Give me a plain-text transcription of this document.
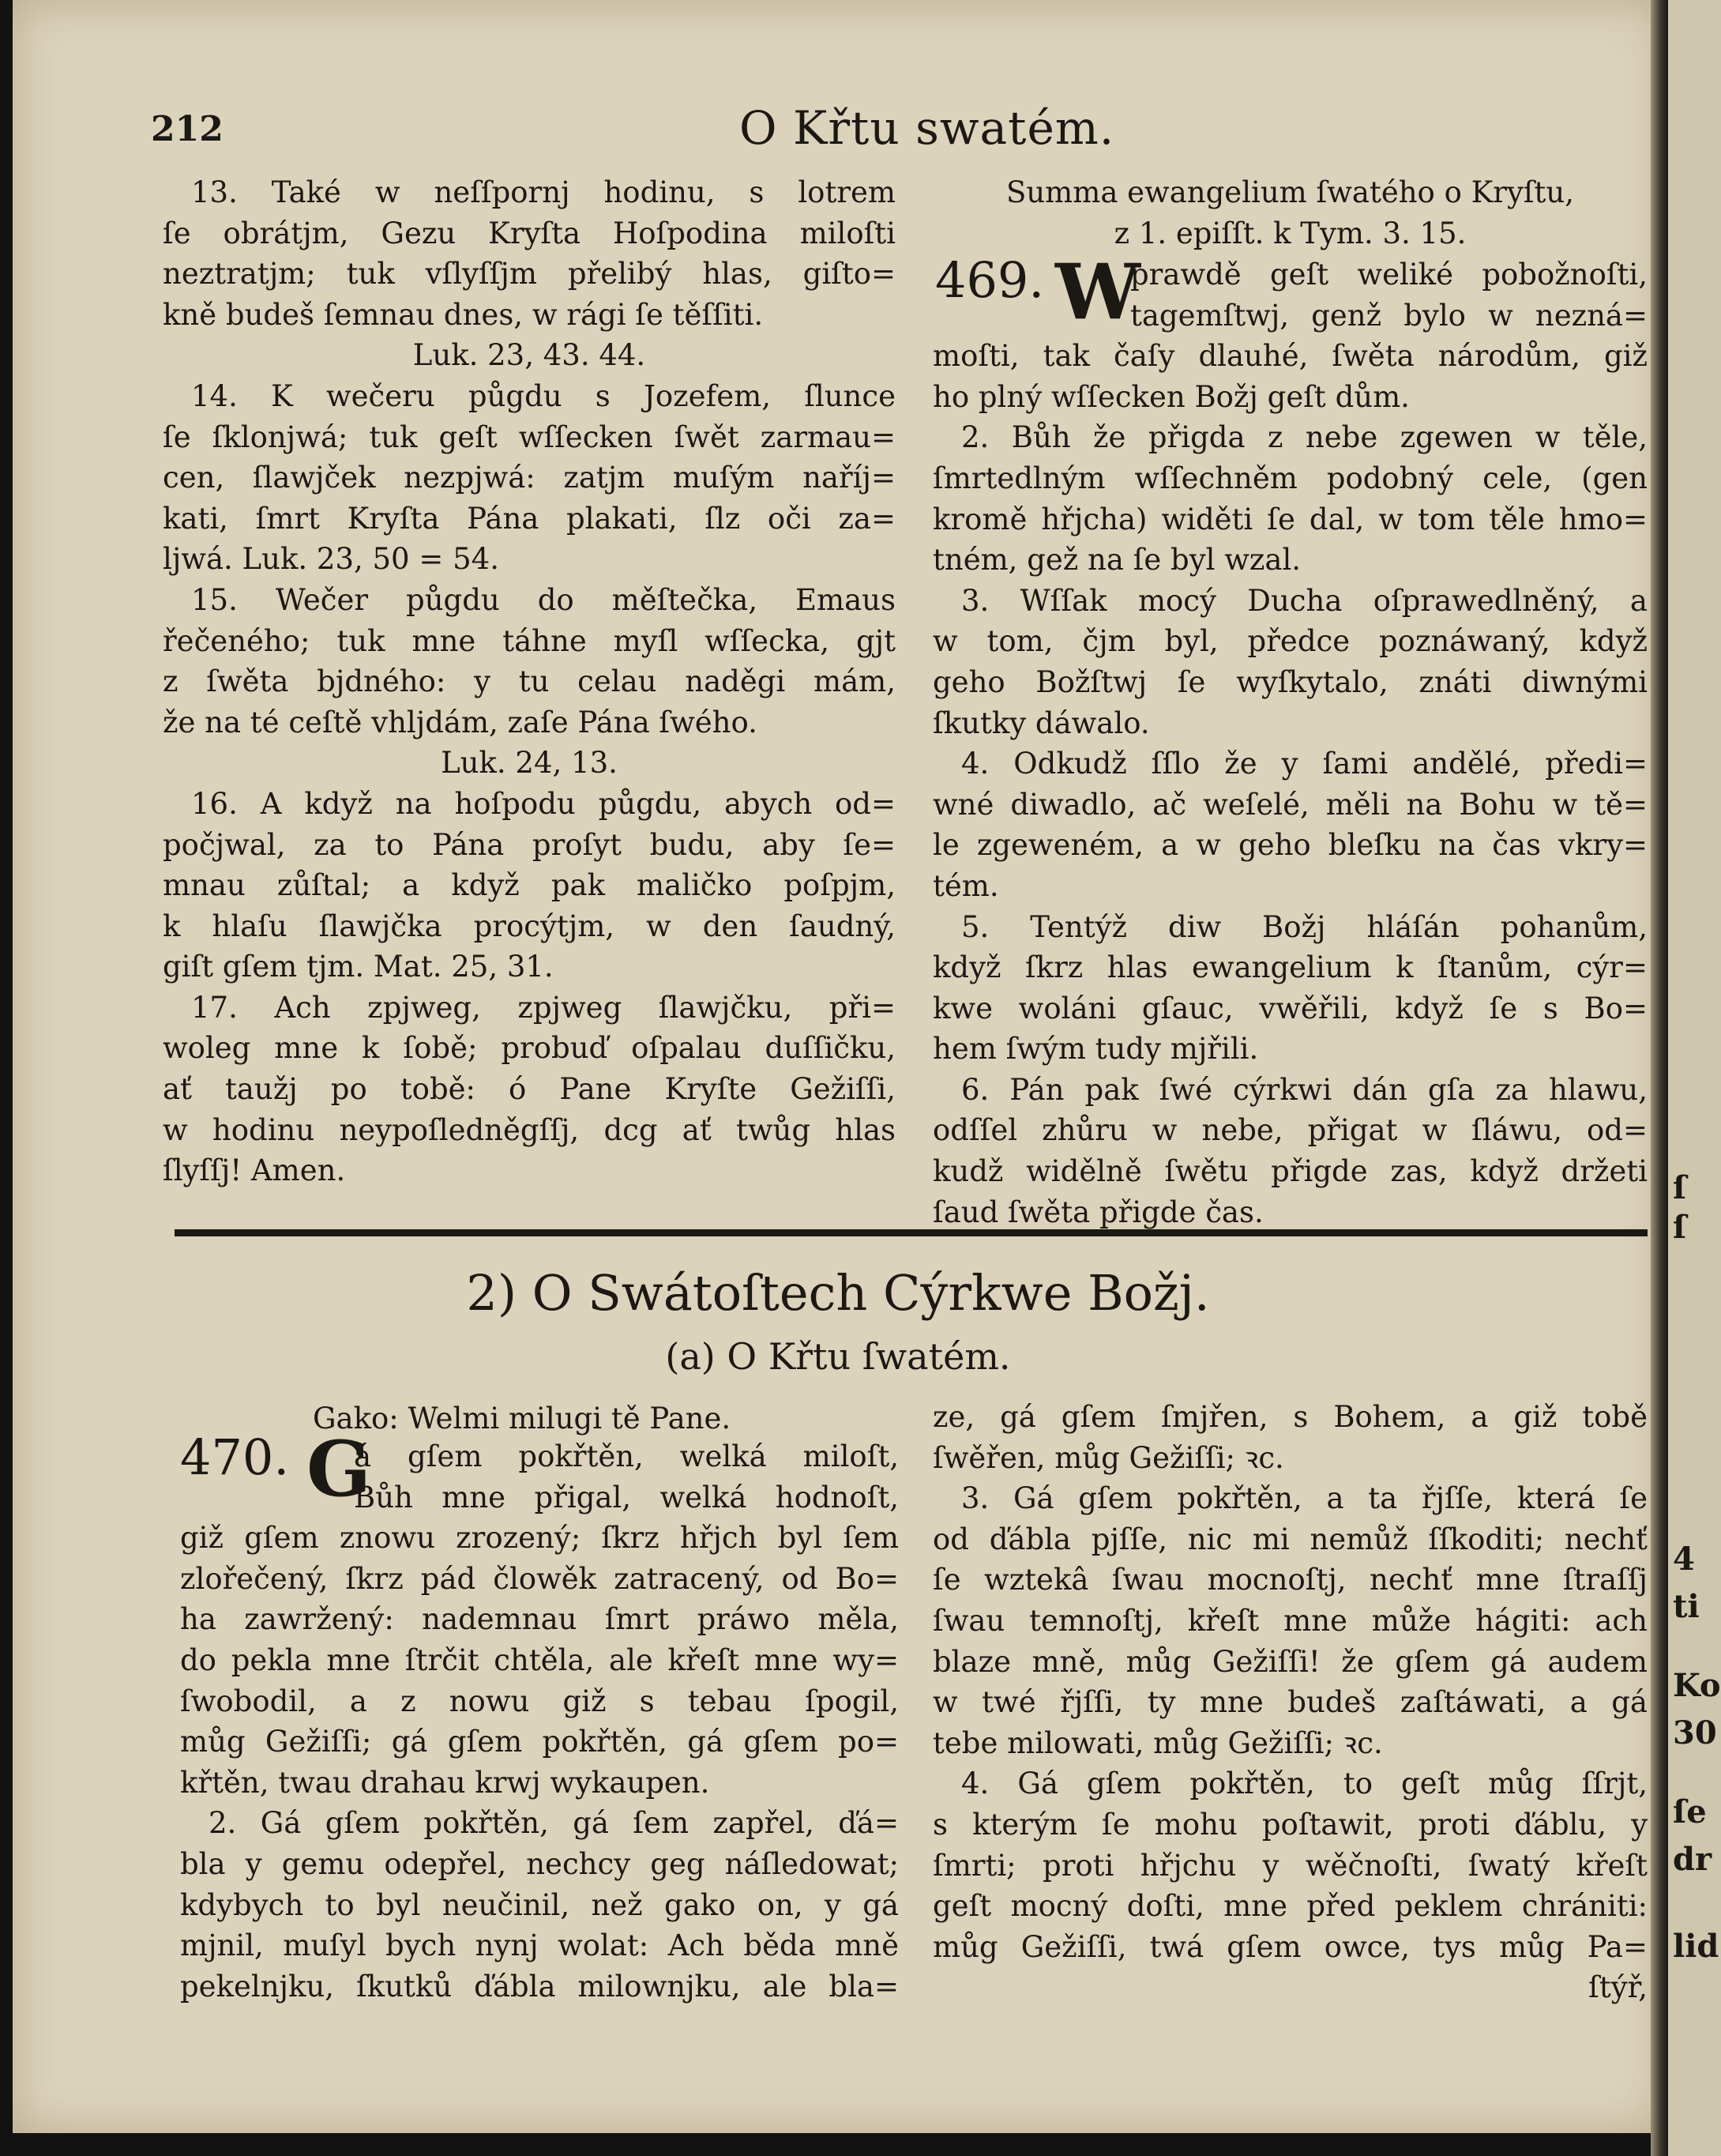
212	O Křtu swatém.
13. Také w neſſpornj hodinu, s lotrem
ſe obrátjm, Gezu Kryſta Hoſpodina miloſti
neztratjm; tuk vſlyſſjm přelibý hlas, giſto=
kně budeš ſemnau dnes, w rági ſe těſſiti.
Luk. 23, 43. 44.
14. K wečeru půgdu s Jozefem, ſlunce
ſe ſklonjwá; tuk geſt wſſecken ſwět zarmau=
cen, ſlawjček nezpjwá: zatjm muſým naříj=
kati, ſmrt Kryſta Pána plakati, ſlz oči za=
ljwá. Luk. 23, 50 = 54.
15. Wečer půgdu do měſtečka, Emaus
řečeného; tuk mne táhne myſl wſſecka, gjt
z ſwěta bjdného: y tu celau naděgi mám,
že na té ceſtě vhljdám, zaſe Pána ſwého.
Luk. 24, 13.
16. A když na hoſpodu půgdu, abych od=
počjwal, za to Pána proſyt budu, aby ſe=
mnau zůſtal; a když pak maličko poſpjm,
k hlaſu ſlawjčka procýtjm, w den ſaudný,
giſt gſem tjm. Mat. 25, 31.
17. Ach zpjweg, zpjweg ſlawjčku, při=
woleg mne k ſobě; probuď oſpalau duſſičku,
ať taužj po tobě: ó Pane Kryſte Gežiſſi,
w hodinu neypoſledněgſſj, dcg ať twůg hlas
ſlyſſj! Amen.
Summa ewangelium ſwatého o Kryſtu,
z 1. epiſſt. k Tym. 3. 15.
469. W
prawdě geſt weliké pobožnoſti,
tagemſtwj, genž bylo w nezná=
moſti, tak čaſy dlauhé, ſwěta národům, giž
ho plný wſſecken Božj geſt dům.
2. Bůh že přigda z nebe zgewen w těle,
ſmrtedlným wſſechněm podobný cele, (gen
kromě hřjcha) widěti ſe dal, w tom těle hmo=
tném, gež na ſe byl wzal.
3. Wſſak mocý Ducha oſprawedlněný, a
w tom, čjm byl, předce poznáwaný, když
geho Božſtwj ſe wyſkytalo, znáti diwnými
ſkutky dáwalo.
4. Odkudž ſſlo že y ſami andělé, předi=
wné diwadlo, ač weſelé, měli na Bohu w tě=
le zgeweném, a w geho bleſku na čas vkry=
tém.
5. Tentýž diw Božj hláſán pohanům,
když ſkrz hlas ewangelium k ſtanům, cýr=
kwe woláni gſauc, vwěřili, když ſe s Bo=
hem ſwým tudy mjřili.
6. Pán pak ſwé cýrkwi dán gſa za hlawu,
odſſel zhůru w nebe, přigat w ſláwu, od=
kudž widělně ſwětu přigde zas, když držeti
ſaud ſwěta přigde čas.
2) O Swátoſtech Cýrkwe Božj.
(a) O Křtu ſwatém.
Gako: Welmi milugi tě Pane.
470. G
á gſem pokřtěn, welká miloſt,
Bůh mne přigal, welká hodnoſt,
giž gſem znowu zrozený; ſkrz hřjch byl ſem
zlořečený, ſkrz pád člowěk zatracený, od Bo=
ha zawržený: nademnau ſmrt práwo měla,
do pekla mne ſtrčit chtěla, ale křeſt mne wy=
ſwobodil, a z nowu giž s tebau ſpogil,
můg Gežiſſi; gá gſem pokřtěn, gá gſem po=
křtěn, twau drahau krwj wykaupen.
2. Gá gſem pokřtěn, gá ſem zapřel, ďá=
bla y gemu odepřel, nechcy geg náſledowat;
kdybych to byl neučinil, než gako on, y gá
mjnil, muſyl bych nynj wolat: Ach běda mně
pekelnjku, ſkutků ďábla milownjku, ale bla=
ze, gá gſem ſmjřen, s Bohem, a giž tobě
ſwěřen, můg Gežiſſi; ꝛc.
3. Gá gſem pokřtěn, a ta řjſſe, která ſe
od ďábla pjſſe, nic mi nemůž ſſkoditi; nechť
ſe wztekâ ſwau mocnoſtj, nechť mne ſtraſſj
ſwau temnoſtj, křeſt mne může hágiti: ach
blaze mně, můg Gežiſſi! že gſem gá audem
w twé řjſſi, ty mne budeš zaſtáwati, a gá
tebe milowati, můg Gežiſſi; ꝛc.
4. Gá gſem pokřtěn, to geſt můg ſſrjt,
s kterým ſe mohu poſtawit, proti ďáblu, y
ſmrti; proti hřjchu y wěčnoſti, ſwatý křeſt
geſt mocný doſti, mne před peklem chrániti:
můg Gežiſſi, twá gſem owce, tys můg Pa=
ſtýř,
ſ
ſ
4
ti
Ko
30
ſe
dr
lid
